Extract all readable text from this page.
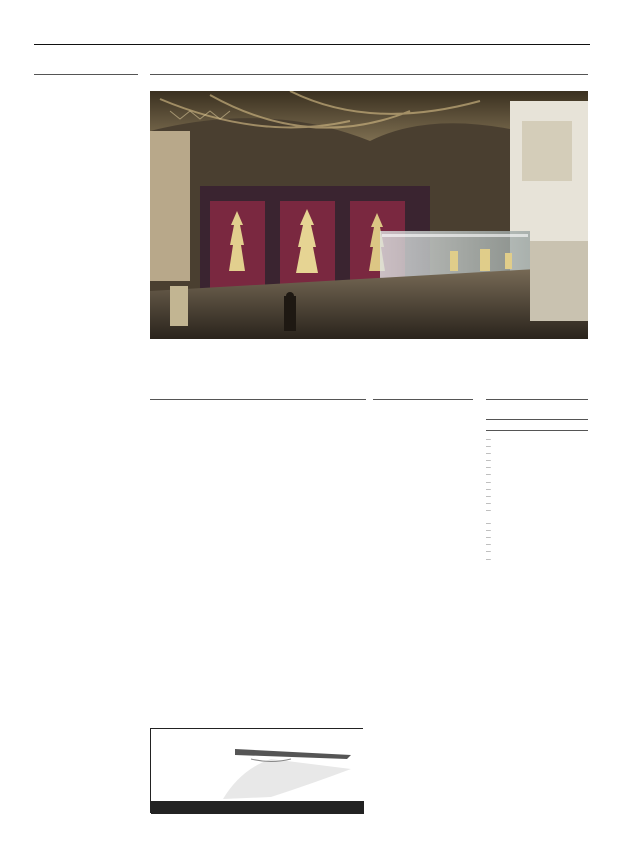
—
—
—
—
—
—
—
—
—
—
—
—
—
—
—
—
—
